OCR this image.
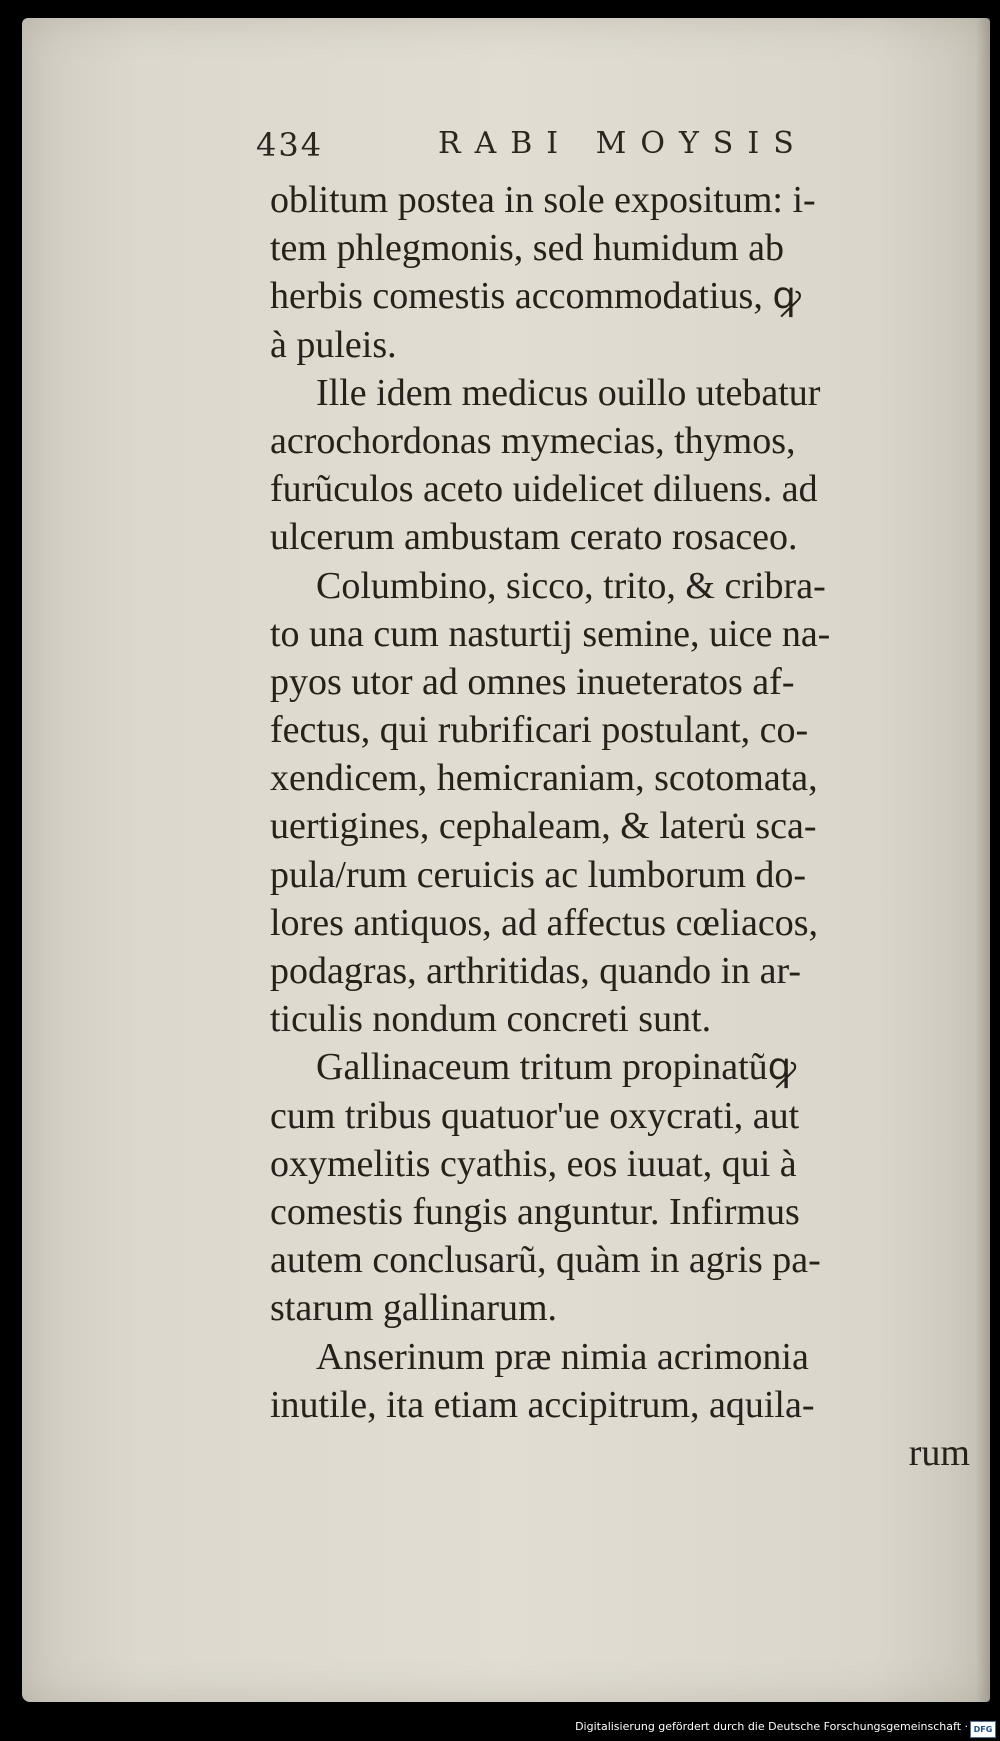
434	RABI MOYSIS
oblitum postea in sole expositum: i-
tem phlegmonis, sed humidum ab
herbis comestis accommodatius, ꝙ
à puleis.
Ille idem medicus ouillo utebatur
acrochordonas mymecias, thymos,
furũculos aceto uidelicet diluens. ad
ulcerum ambustam cerato rosaceo.
Columbino, sicco, trito, & cribra-
to una cum nasturtij semine, uice na-
pyos utor ad omnes inueteratos af-
fectus, qui rubrificari postulant, co-
xendicem, hemicraniam, scotomata,
uertigines, cephaleam, & lateru̇ sca-
pula/rum ceruicis ac lumborum do-
lores antiquos, ad affectus cœliacos,
podagras, arthritidas, quando in ar-
ticulis nondum concreti sunt.
Gallinaceum tritum propinatũꝙ
cum tribus quatuor'ue oxycrati, aut
oxymelitis cyathis, eos iuuat, qui à
comestis fungis anguntur. Infirmus
autem conclusarũ, quàm in agris pa-
starum gallinarum.
Anserinum præ nimia acrimonia
inutile, ita etiam accipitrum, aquila-
rum
Digitalisierung gefördert durch die Deutsche Forschungsgemeinschaft · DFG
